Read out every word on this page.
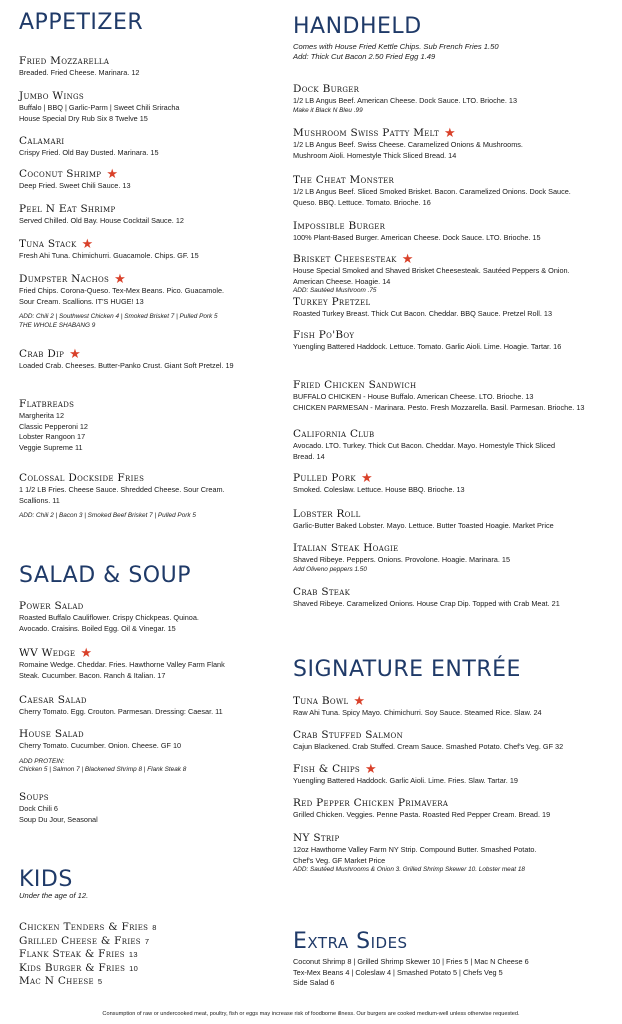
APPETIZER
Fried Mozzarella
Breaded. Fried Cheese. Marinara. 12
Jumbo Wings
Buffalo | BBQ | Garlic-Parm | Sweet Chili Sriracha
House Special Dry Rub Six 8 Twelve 15
Calamari
Crispy Fried. Old Bay Dusted. Marinara. 15
Coconut Shrimp ★
Deep Fried. Sweet Chili Sauce. 13
Peel N Eat Shrimp
Served Chilled. Old Bay. House Cocktail Sauce. 12
Tuna Stack ★
Fresh Ahi Tuna. Chimichurri. Guacamole. Chips. GF. 15
Dumpster Nachos ★
Fried Chips. Corona-Queso. Tex-Mex Beans. Pico. Guacamole.
Sour Cream. Scallions. IT'S HUGE! 13
ADD: Chili 2 | Southwest Chicken 4 | Smoked Brisket 7 | Pulled Pork 5
THE WHOLE SHABANG 9
Crab Dip ★
Loaded Crab. Cheeses. Butter-Panko Crust. Giant Soft Pretzel. 19
Flatbreads
Margherita 12
Classic Pepperoni 12
Lobster Rangoon 17
Veggie Supreme 11
Colossal Dockside Fries
1 1/2 LB Fries. Cheese Sauce. Shredded Cheese. Sour Cream.
Scallions. 11
ADD: Chili 2 | Bacon 3 | Smoked Beef Brisket 7 | Pulled Pork 5
SALAD & SOUP
Power Salad
Roasted Buffalo Cauliflower. Crispy Chickpeas. Quinoa.
Avocado. Craisins. Boiled Egg. Oil & Vinegar. 15
WV Wedge ★
Romaine Wedge. Cheddar. Fries. Hawthorne Valley Farm Flank
Steak. Cucumber. Bacon. Ranch & Italian. 17
Caesar Salad
Cherry Tomato. Egg. Crouton. Parmesan. Dressing: Caesar. 11
House Salad
Cherry Tomato. Cucumber. Onion. Cheese. GF 10
ADD PROTEIN:
Chicken 5 | Salmon 7 | Blackened Shrimp 8 | Flank Steak 8
Soups
Dock Chili 6
Soup Du Jour, Seasonal
KIDS
Under the age of 12.
Chicken Tenders & Fries 8
Grilled Cheese & Fries 7
Flank Steak & Fries 13
Kids Burger & Fries 10
Mac N Cheese 5
HANDHELD
Comes with House Fried Kettle Chips. Sub French Fries 1.50
Add: Thick Cut Bacon 2.50 Fried Egg 1.49
Dock Burger
1/2 LB Angus Beef. American Cheese. Dock Sauce. LTO. Brioche. 13
Make it Black N Bleu .99
Mushroom Swiss Patty Melt ★
1/2 LB Angus Beef. Swiss Cheese. Caramelized Onions & Mushrooms.
Mushroom Aioli. Homestyle Thick Sliced Bread. 14
The Cheat Monster
1/2 LB Angus Beef. Sliced Smoked Brisket. Bacon. Caramelized Onions. Dock Sauce.
Queso. BBQ. Lettuce. Tomato. Brioche. 16
Impossible Burger
100% Plant-Based Burger. American Cheese. Dock Sauce. LTO. Brioche. 15
Brisket Cheesesteak ★
House Special Smoked and Shaved Brisket Cheesesteak. Sautéed Peppers & Onion.
American Cheese. Hoagie. 14
ADD: Sautéed Mushroom .75
Turkey Pretzel
Roasted Turkey Breast. Thick Cut Bacon. Cheddar. BBQ Sauce. Pretzel Roll. 13
Fish Po'Boy
Yuengling Battered Haddock. Lettuce. Tomato. Garlic Aioli. Lime. Hoagie. Tartar. 16
Fried Chicken Sandwich
BUFFALO CHICKEN - House Buffalo. American Cheese. LTO. Brioche. 13
CHICKEN PARMESAN - Marinara. Pesto. Fresh Mozzarella. Basil. Parmesan. Brioche. 13
California Club
Avocado. LTO. Turkey. Thick Cut Bacon. Cheddar. Mayo. Homestyle Thick Sliced
Bread. 14
Pulled Pork ★
Smoked. Coleslaw. Lettuce. House BBQ. Brioche. 13
Lobster Roll
Garlic-Butter Baked Lobster. Mayo. Lettuce. Butter Toasted Hoagie. Market Price
Italian Steak Hoagie
Shaved Ribeye. Peppers. Onions. Provolone. Hoagie. Marinara. 15
Add Oliveno peppers 1.50
Crab Steak
Shaved Ribeye. Caramelized Onions. House Crap Dip. Topped with Crab Meat. 21
SIGNATURE ENTRÉE
Tuna Bowl ★
Raw Ahi Tuna. Spicy Mayo. Chimichurri. Soy Sauce. Steamed Rice. Slaw. 24
Crab Stuffed Salmon
Cajun Blackened. Crab Stuffed. Cream Sauce. Smashed Potato. Chef's Veg. GF 32
Fish & Chips ★
Yuengling Battered Haddock. Garlic Aioli. Lime. Fries. Slaw. Tartar. 19
Red Pepper Chicken Primavera
Grilled Chicken. Veggies. Penne Pasta. Roasted Red Pepper Cream. Bread. 19
NY Strip
12oz Hawthorne Valley Farm NY Strip. Compound Butter. Smashed Potato.
Chef's Veg. GF Market Price
ADD: Sautéed Mushrooms & Onion 3. Grilled Shrimp Skewer 10. Lobster meat 18
Extra Sides
Coconut Shrimp 8 | Grilled Shrimp Skewer 10 | Fries 5 | Mac N Cheese 6
Tex-Mex Beans 4 | Coleslaw 4 | Smashed Potato 5 | Chefs Veg 5
Side Salad 6
Consumption of raw or undercooked meat, poultry, fish or eggs may increase risk of foodborne illness. Our burgers are cooked medium-well unless otherwise requested.
